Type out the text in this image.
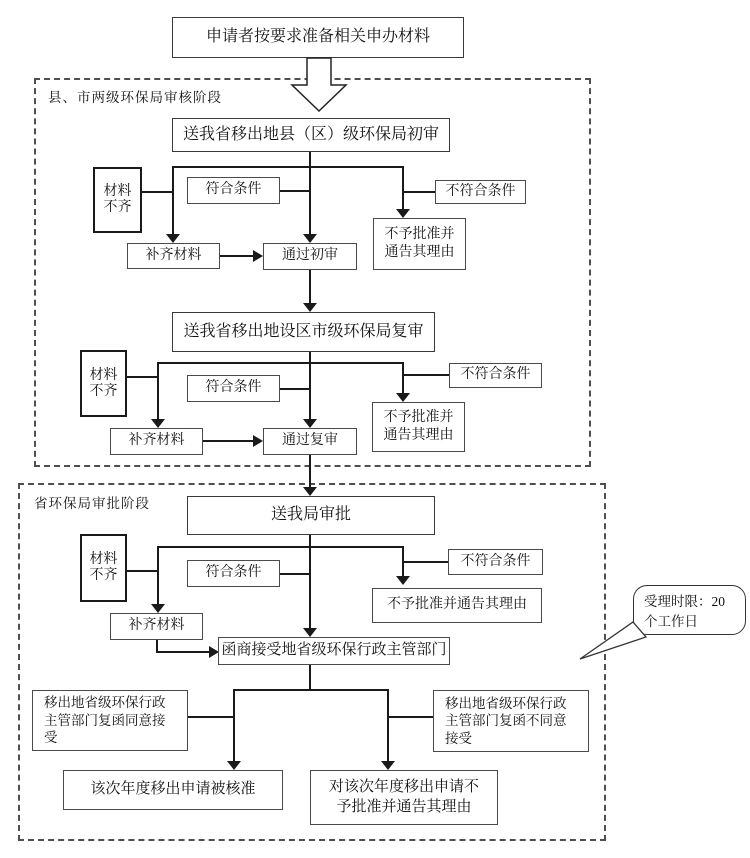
申请者按要求准备相关申办材料
县、市两级环保局审核阶段
送我省移出地县（区）级环保局初审
材料不齐
符合条件	不符合条件
不予批准并通告其理由
补齐材料	通过初审
送我省移出地设区市级环保局复审
材料不齐	符合条件
不符合条件
不予批准并通告其理由
补齐材料	通过复审
省环保局审批阶段
送我局审批
材料不齐	符合条件
不符合条件
不予批准并通告其理由
补齐材料
函商接受地省级环保行政主管部门
移出地省级环保行政主管部门复函同意接受
移出地省级环保行政主管部门复函不同意接受
该次年度移出申请被核准	对该次年度移出申请不予批准并通告其理由
受理时限：20
个工作日
